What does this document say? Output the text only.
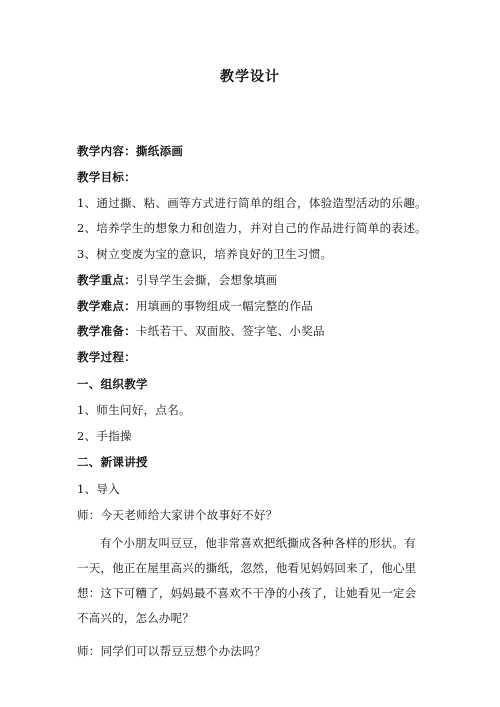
教学设计
教学内容：撕纸添画
教学目标：
1、通过撕、粘、画等方式进行简单的组合，体验造型活动的乐趣。
2、培养学生的想象力和创造力，并对自己的作品进行简单的表述。
3、树立变废为宝的意识，培养良好的卫生习惯。
教学重点：引导学生会撕，会想象填画
教学难点：用填画的事物组成一幅完整的作品
教学准备：卡纸若干、双面胶、签字笔、小奖品
教学过程：
一、组织教学
1、师生问好，点名。
2、手指操
二、新课讲授
1、导入
师：今天老师给大家讲个故事好不好？
有个小朋友叫豆豆，他非常喜欢把纸撕成各种各样的形状。有一天，他正在屋里高兴的撕纸，忽然，他看见妈妈回来了，他心里想：这下可糟了，妈妈最不喜欢不干净的小孩了，让她看见一定会不高兴的，怎么办呢？
师：同学们可以帮豆豆想个办法吗？
